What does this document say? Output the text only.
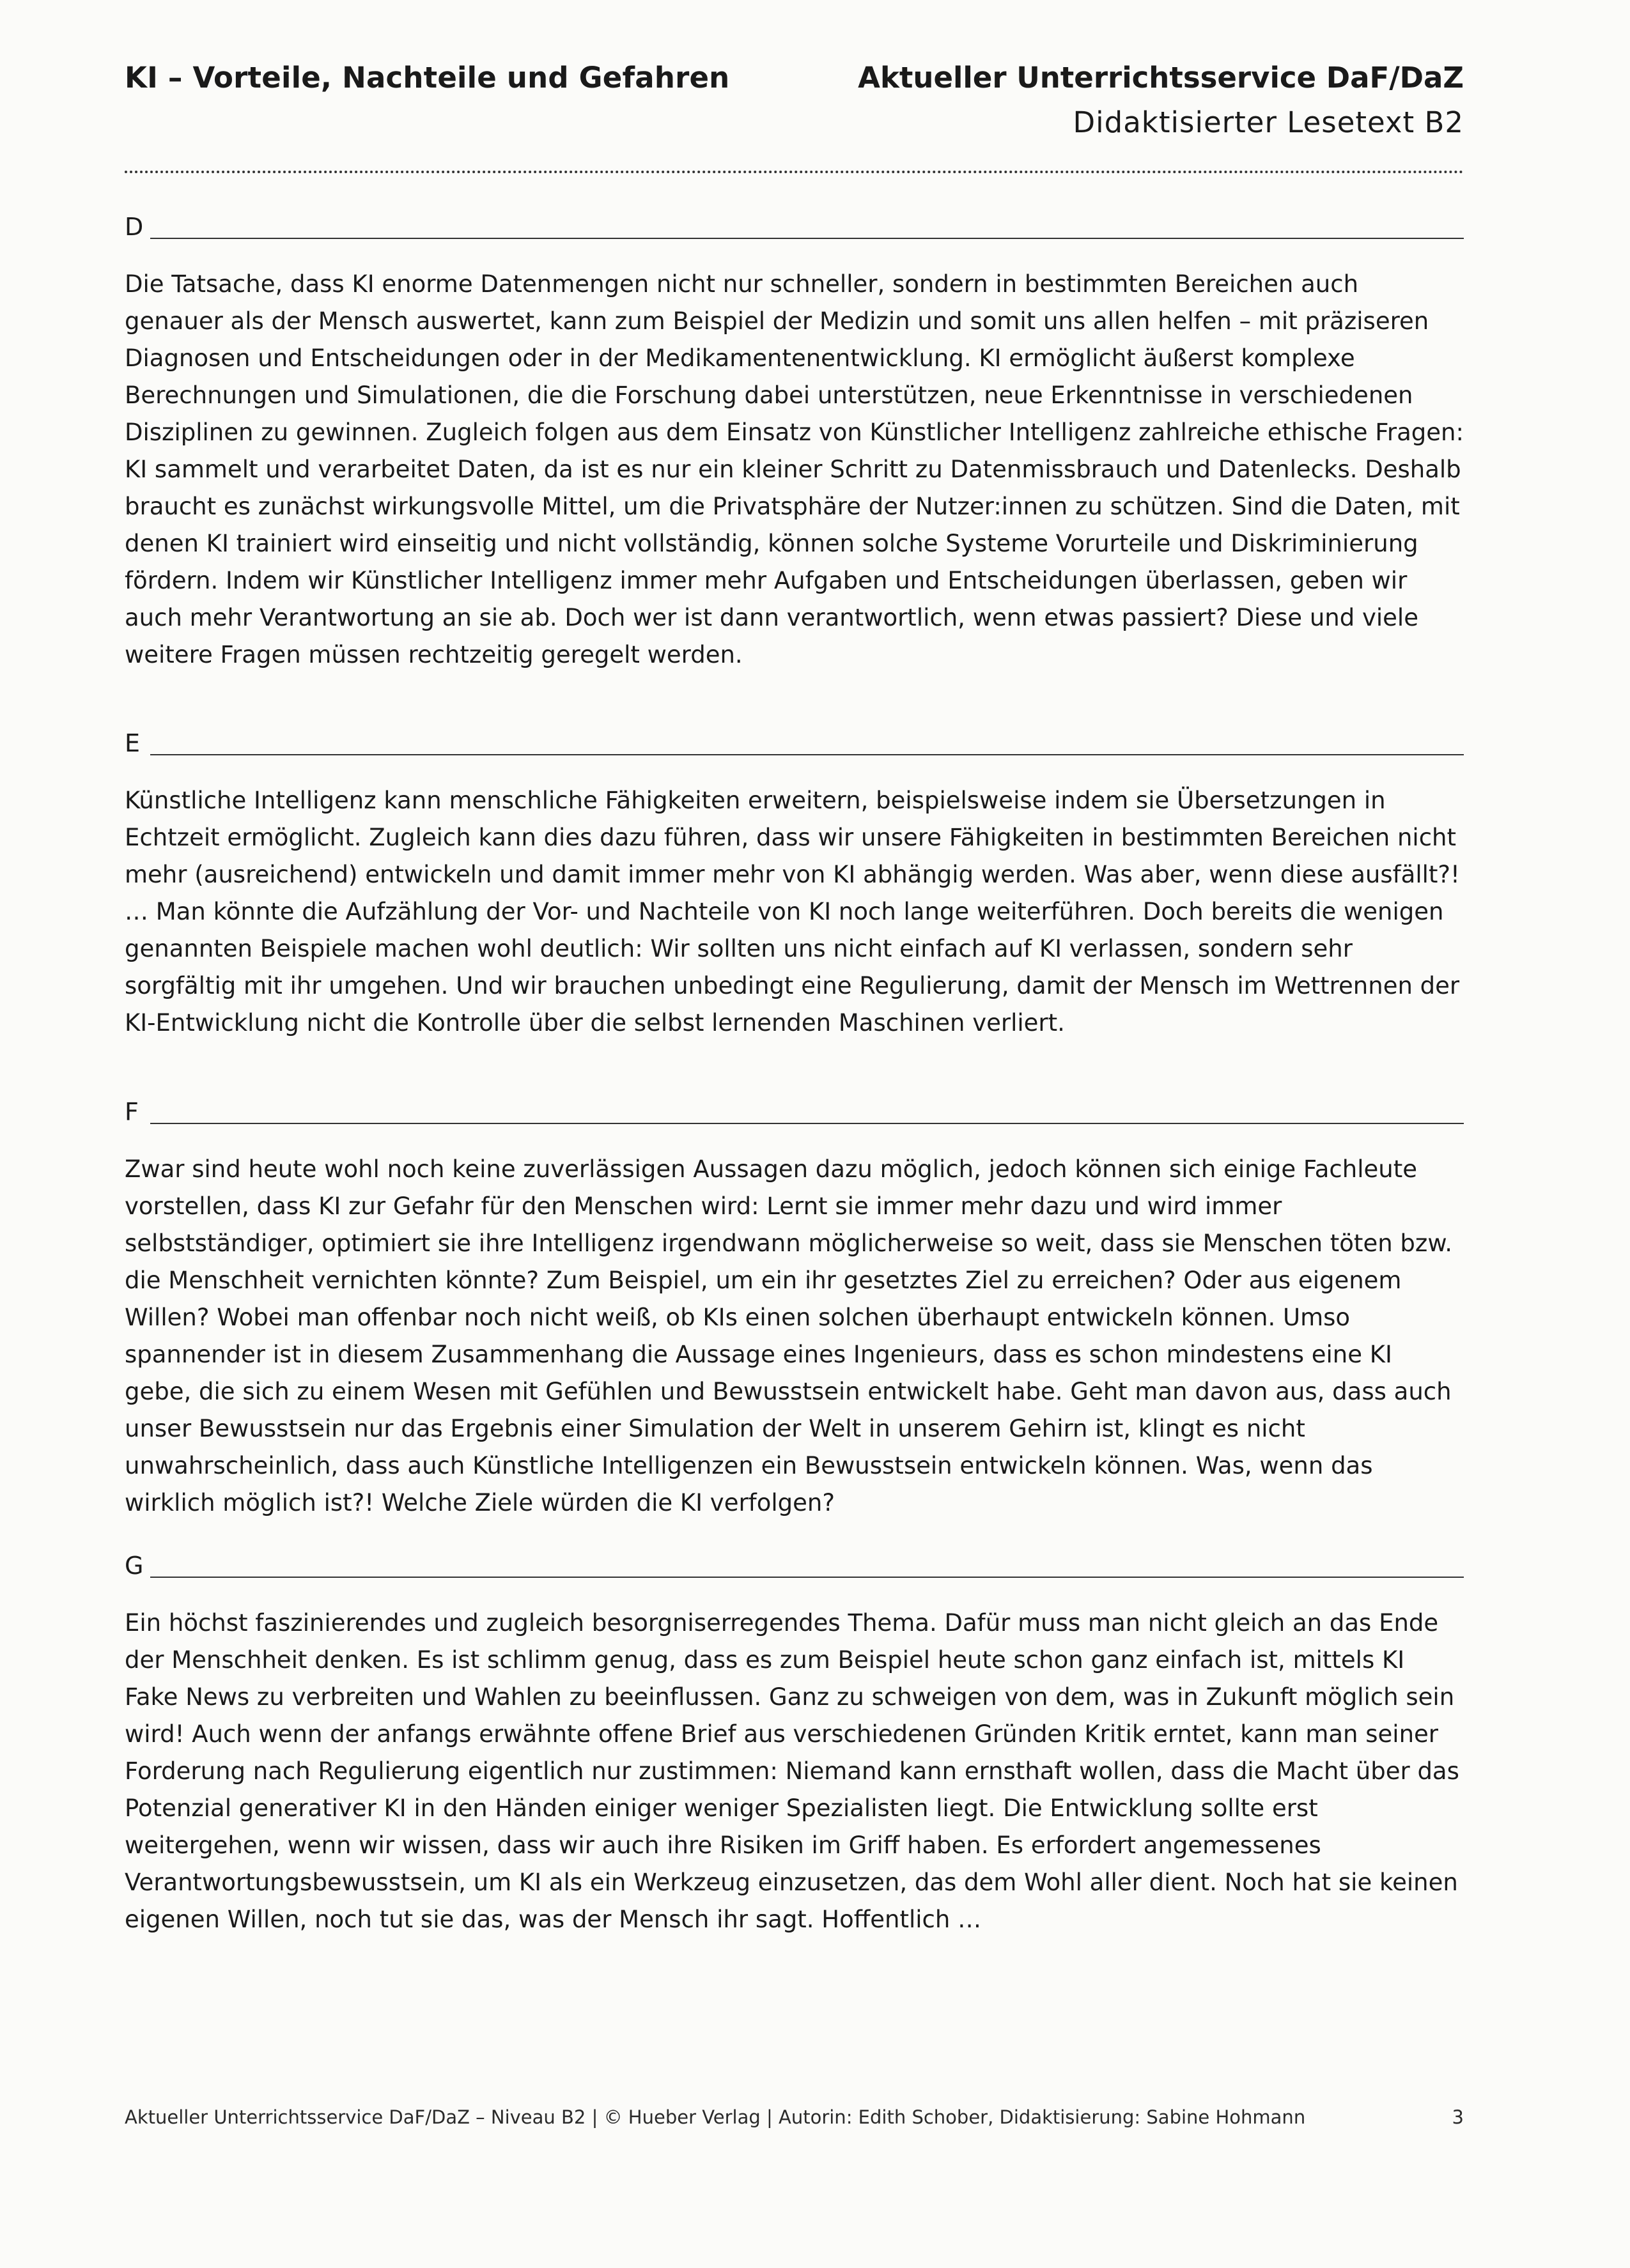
KI – Vorteile, Nachteile und Gefahren	Aktueller Unterrichtsservice DaF/DaZ
Didaktisierter Lesetext B2
D
Die Tatsache, dass KI enorme Datenmengen nicht nur schneller, sondern in bestimmten Bereichen auch genauer als der Mensch auswertet, kann zum Beispiel der Medizin und somit uns allen helfen – mit präziseren Diagnosen und Entscheidungen oder in der Medikamentenentwicklung. KI ermöglicht äußerst komplexe Berechnungen und Simulationen, die die Forschung dabei unterstützen, neue Erkenntnisse in verschiedenen Disziplinen zu gewinnen. Zugleich folgen aus dem Einsatz von Künstlicher Intelligenz zahlreiche ethische Fragen: KI sammelt und verarbeitet Daten, da ist es nur ein kleiner Schritt zu Datenmissbrauch und Datenlecks. Deshalb braucht es zunächst wirkungsvolle Mittel, um die Privatsphäre der Nutzer:innen zu schützen. Sind die Daten, mit denen KI trainiert wird einseitig und nicht vollständig, können solche Systeme Vorurteile und Diskriminierung fördern. Indem wir Künstlicher Intelligenz immer mehr Aufgaben und Entscheidungen überlassen, geben wir auch mehr Verantwortung an sie ab. Doch wer ist dann verantwortlich, wenn etwas passiert? Diese und viele weitere Fragen müssen rechtzeitig geregelt werden.
E
Künstliche Intelligenz kann menschliche Fähigkeiten erweitern, beispielsweise indem sie Übersetzungen in Echtzeit ermöglicht. Zugleich kann dies dazu führen, dass wir unsere Fähigkeiten in bestimmten Bereichen nicht mehr (ausreichend) entwickeln und damit immer mehr von KI abhängig werden. Was aber, wenn diese ausfällt?! … Man könnte die Aufzählung der Vor- und Nachteile von KI noch lange weiterführen. Doch bereits die wenigen genannten Beispiele machen wohl deutlich: Wir sollten uns nicht einfach auf KI verlassen, sondern sehr sorgfältig mit ihr umgehen. Und wir brauchen unbedingt eine Regulierung, damit der Mensch im Wettrennen der KI-Entwicklung nicht die Kontrolle über die selbst lernenden Maschinen verliert.
F
Zwar sind heute wohl noch keine zuverlässigen Aussagen dazu möglich, jedoch können sich einige Fachleute vorstellen, dass KI zur Gefahr für den Menschen wird: Lernt sie immer mehr dazu und wird immer selbstständiger, optimiert sie ihre Intelligenz irgendwann möglicherweise so weit, dass sie Menschen töten bzw. die Menschheit vernichten könnte? Zum Beispiel, um ein ihr gesetztes Ziel zu erreichen? Oder aus eigenem Willen? Wobei man offenbar noch nicht weiß, ob KIs einen solchen überhaupt entwickeln können. Umso spannender ist in diesem Zusammenhang die Aussage eines Ingenieurs, dass es schon mindestens eine KI gebe, die sich zu einem Wesen mit Gefühlen und Bewusstsein entwickelt habe. Geht man davon aus, dass auch unser Bewusstsein nur das Ergebnis einer Simulation der Welt in unserem Gehirn ist, klingt es nicht unwahrscheinlich, dass auch Künstliche Intelligenzen ein Bewusstsein entwickeln können. Was, wenn das wirklich möglich ist?! Welche Ziele würden die KI verfolgen?
G
Ein höchst faszinierendes und zugleich besorgniserregendes Thema. Dafür muss man nicht gleich an das Ende der Menschheit denken. Es ist schlimm genug, dass es zum Beispiel heute schon ganz einfach ist, mittels KI Fake News zu verbreiten und Wahlen zu beeinflussen. Ganz zu schweigen von dem, was in Zukunft möglich sein wird! Auch wenn der anfangs erwähnte offene Brief aus verschiedenen Gründen Kritik erntet, kann man seiner Forderung nach Regulierung eigentlich nur zustimmen: Niemand kann ernsthaft wollen, dass die Macht über das Potenzial generativer KI in den Händen einiger weniger Spezialisten liegt. Die Entwicklung sollte erst weitergehen, wenn wir wissen, dass wir auch ihre Risiken im Griff haben. Es erfordert angemessenes Verantwortungsbewusstsein, um KI als ein Werkzeug einzusetzen, das dem Wohl aller dient. Noch hat sie keinen eigenen Willen, noch tut sie das, was der Mensch ihr sagt. Hoffentlich …
Aktueller Unterrichtsservice DaF/DaZ – Niveau B2 | © Hueber Verlag | Autorin: Edith Schober, Didaktisierung: Sabine Hohmann	3
